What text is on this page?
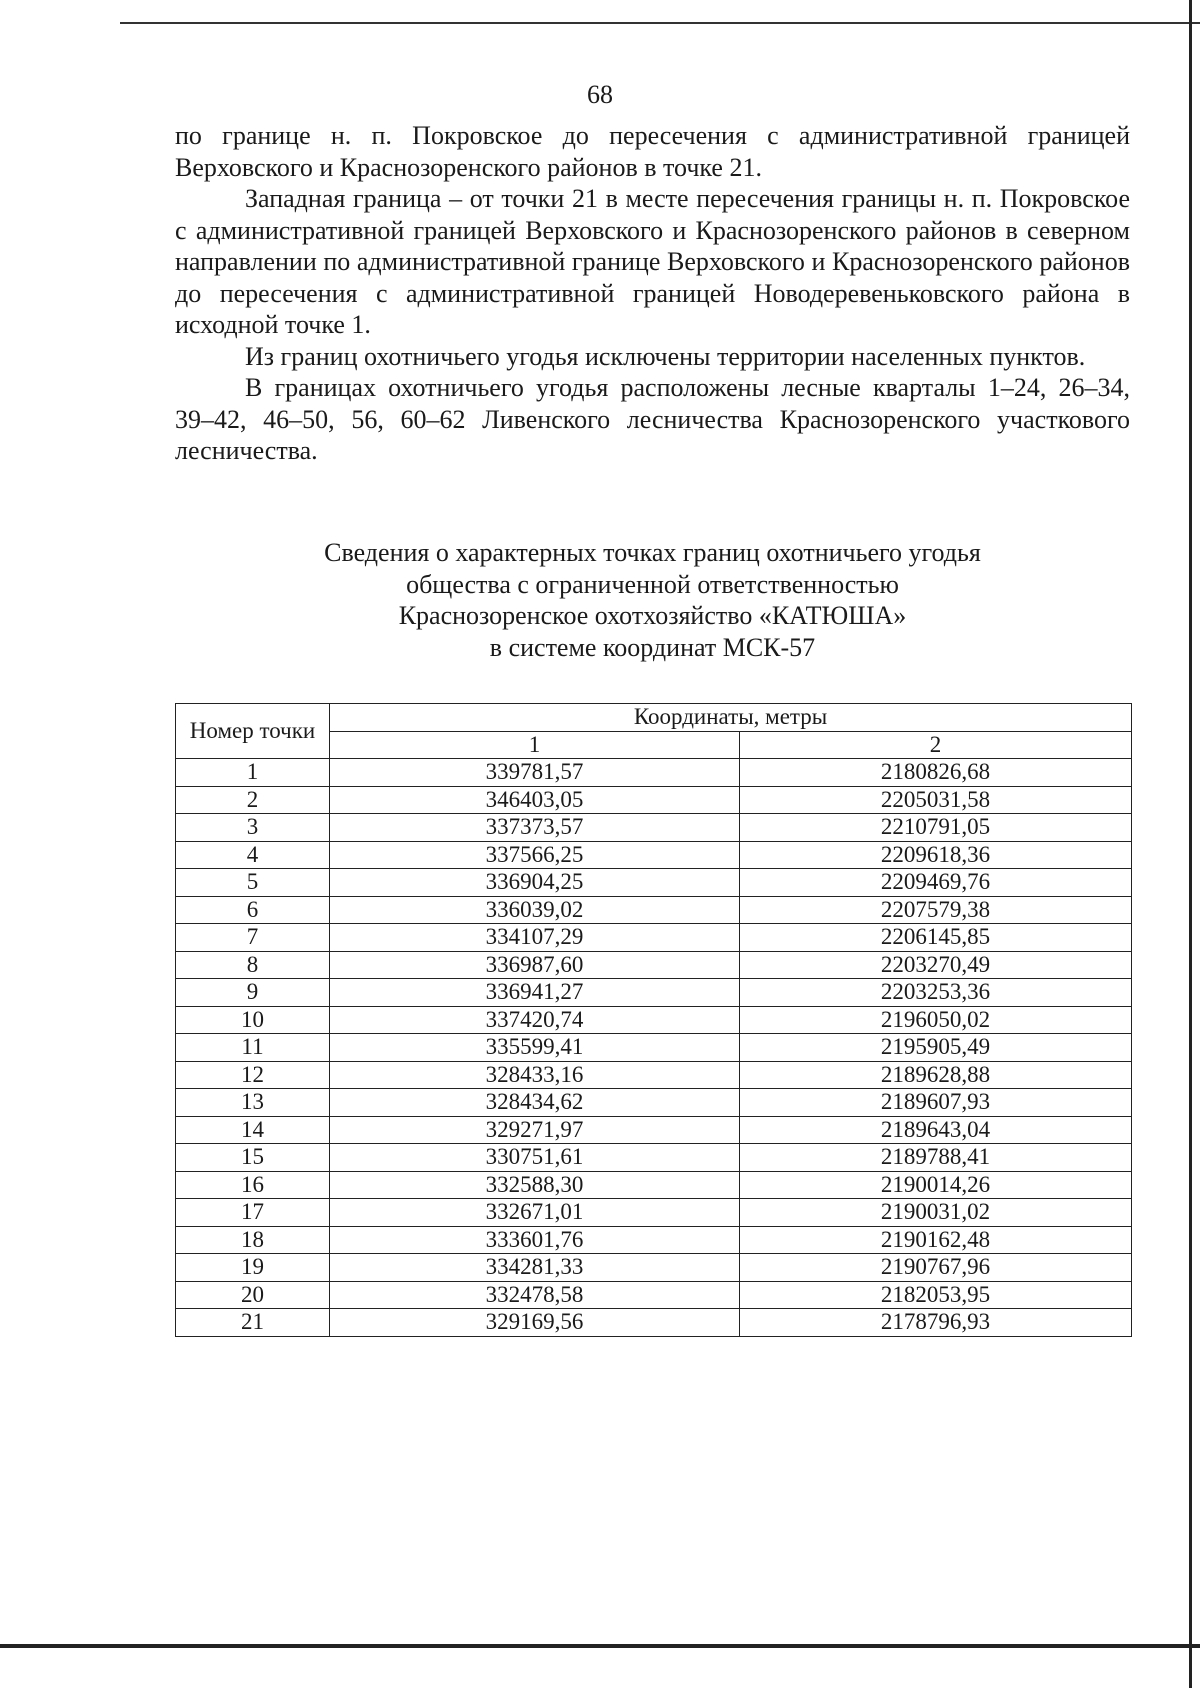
68

по границе н. п. Покровское до пересечения с административной границей Верховского и Краснозоренского районов в точке 21.

Западная граница – от точки 21 в месте пересечения границы н. п. Покровское с административной границей Верховского и Краснозоренского районов в северном направлении по административной границе Верховского и Краснозоренского районов до пересечения с административной границей Новодеревеньковского района в исходной точке 1.

Из границ охотничьего угодья исключены территории населенных пунктов.

В границах охотничьего угодья расположены лесные кварталы 1–24, 26–34, 39–42, 46–50, 56, 60–62 Ливенского лесничества Краснозоренского участкового лесничества.

Сведения о характерных точках границ охотничьего угодья
общества с ограниченной ответственностью
Краснозоренское охотхозяйство «КАТЮША»
в системе координат МСК-57
Номер точки	Координаты, метры	
	1	2
1	339781,57	2180826,68
2	346403,05	2205031,58
3	337373,57	2210791,05
4	337566,25	2209618,36
5	336904,25	2209469,76
6	336039,02	2207579,38
7	334107,29	2206145,85
8	336987,60	2203270,49
9	336941,27	2203253,36
10	337420,74	2196050,02
11	335599,41	2195905,49
12	328433,16	2189628,88
13	328434,62	2189607,93
14	329271,97	2189643,04
15	330751,61	2189788,41
16	332588,30	2190014,26
17	332671,01	2190031,02
18	333601,76	2190162,48
19	334281,33	2190767,96
20	332478,58	2182053,95
21	329169,56	2178796,93
